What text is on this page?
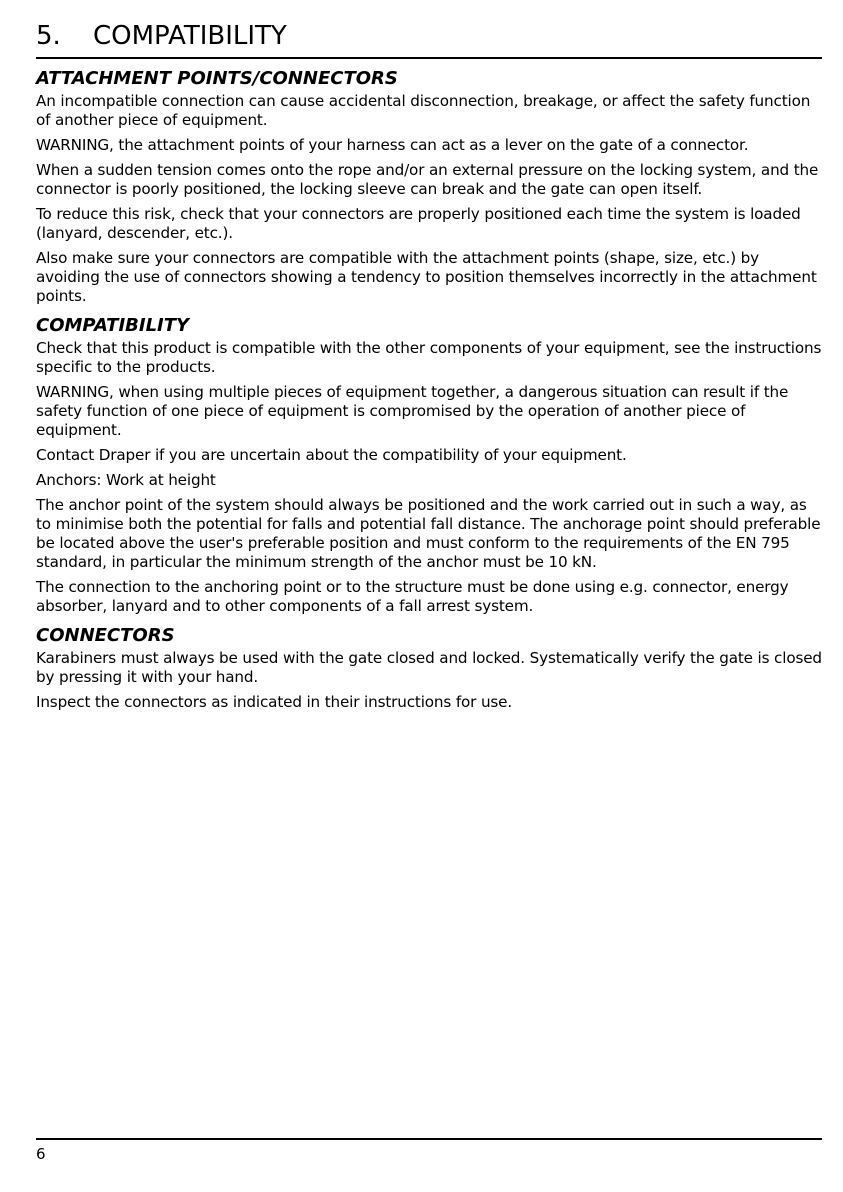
5. COMPATIBILITY
ATTACHMENT POINTS/CONNECTORS

An incompatible connection can cause accidental disconnection, breakage, or affect the safety function of another piece of equipment.

WARNING, the attachment points of your harness can act as a lever on the gate of a connector.

When a sudden tension comes onto the rope and/or an external pressure on the locking system, and the connector is poorly positioned, the locking sleeve can break and the gate can open itself.

To reduce this risk, check that your connectors are properly positioned each time the system is loaded (lanyard, descender, etc.).

Also make sure your connectors are compatible with the attachment points (shape, size, etc.) by avoiding the use of connectors showing a tendency to position themselves incorrectly in the attachment points.

COMPATIBILITY

Check that this product is compatible with the other components of your equipment, see the instructions specific to the products.

WARNING, when using multiple pieces of equipment together, a dangerous situation can result if the safety function of one piece of equipment is compromised by the operation of another piece of equipment.

Contact Draper if you are uncertain about the compatibility of your equipment.

Anchors: Work at height

The anchor point of the system should always be positioned and the work carried out in such a way, as to minimise both the potential for falls and potential fall distance. The anchorage point should preferable be located above the user's preferable position and must conform to the requirements of the EN 795 standard, in particular the minimum strength of the anchor must be 10 kN.

The connection to the anchoring point or to the structure must be done using e.g. connector, energy absorber, lanyard and to other components of a fall arrest system.

CONNECTORS

Karabiners must always be used with the gate closed and locked. Systematically verify the gate is closed by pressing it with your hand.

Inspect the connectors as indicated in their instructions for use.

6
